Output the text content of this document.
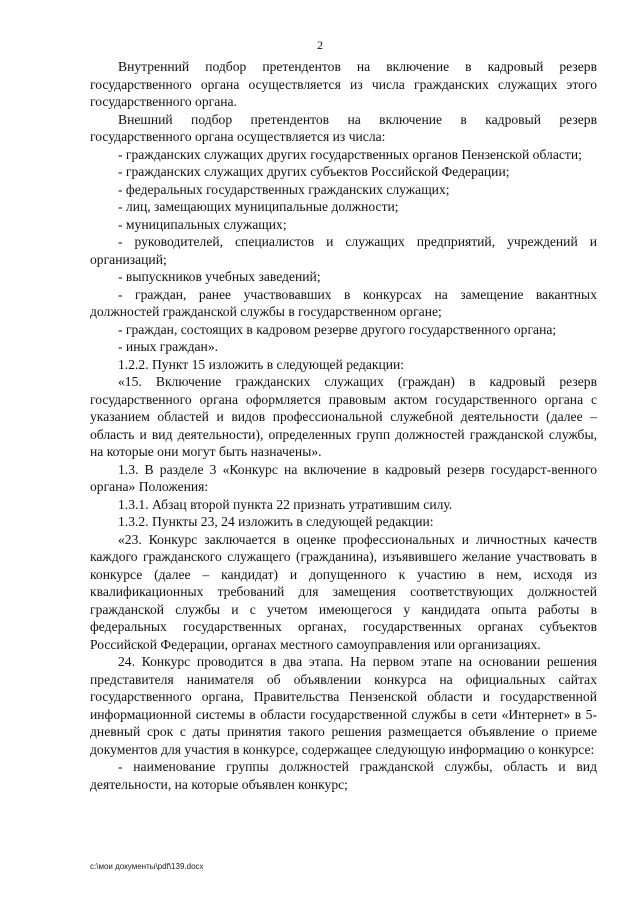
2

Внутренний подбор претендентов на включение в кадровый резерв государственного органа осуществляется из числа гражданских служащих этого государственного органа.

Внешний подбор претендентов на включение в кадровый резерв государственного органа осуществляется из числа:

- гражданских служащих других государственных органов Пензенской области;

- гражданских служащих других субъектов Российской Федерации;

- федеральных государственных гражданских служащих;

- лиц, замещающих муниципальные должности;

- муниципальных служащих;

- руководителей, специалистов и служащих предприятий, учреждений и организаций;

- выпускников учебных заведений;

- граждан, ранее участвовавших в конкурсах на замещение вакантных должностей гражданской службы в государственном органе;

- граждан, состоящих в кадровом резерве другого государственного органа;

- иных граждан».

1.2.2. Пункт 15 изложить в следующей редакции:

«15. Включение гражданских служащих (граждан) в кадровый резерв государственного органа оформляется правовым актом государственного органа с указанием областей и видов профессиональной служебной деятельности (далее – область и вид деятельности), определенных групп должностей гражданской службы, на которые они могут быть назначены».

1.3. В разделе 3 «Конкурс на включение в кадровый резерв государст-венного органа» Положения:

1.3.1. Абзац второй пункта 22 признать утратившим силу.

1.3.2. Пункты 23, 24 изложить в следующей редакции:

«23. Конкурс заключается в оценке профессиональных и личностных качеств каждого гражданского служащего (гражданина), изъявившего желание участвовать в конкурсе (далее – кандидат) и допущенного к участию в нем, исходя из квалификационных требований для замещения соответствующих должностей гражданской службы и с учетом имеющегося у кандидата опыта работы в федеральных государственных органах, государственных органах субъектов Российской Федерации, органах местного самоуправления или организациях.

24. Конкурс проводится в два этапа. На первом этапе на основании решения представителя нанимателя об объявлении конкурса на официальных сайтах государственного органа, Правительства Пензенской области и государственной информационной системы в области государственной службы в сети «Интернет» в 5-дневный срок с даты принятия такого решения размещается объявление о приеме документов для участия в конкурсе, содержащее следующую информацию о конкурсе:

- наименование группы должностей гражданской службы, область и вид деятельности, на которые объявлен конкурс;

c:\мои документы\pdf\139.docx
